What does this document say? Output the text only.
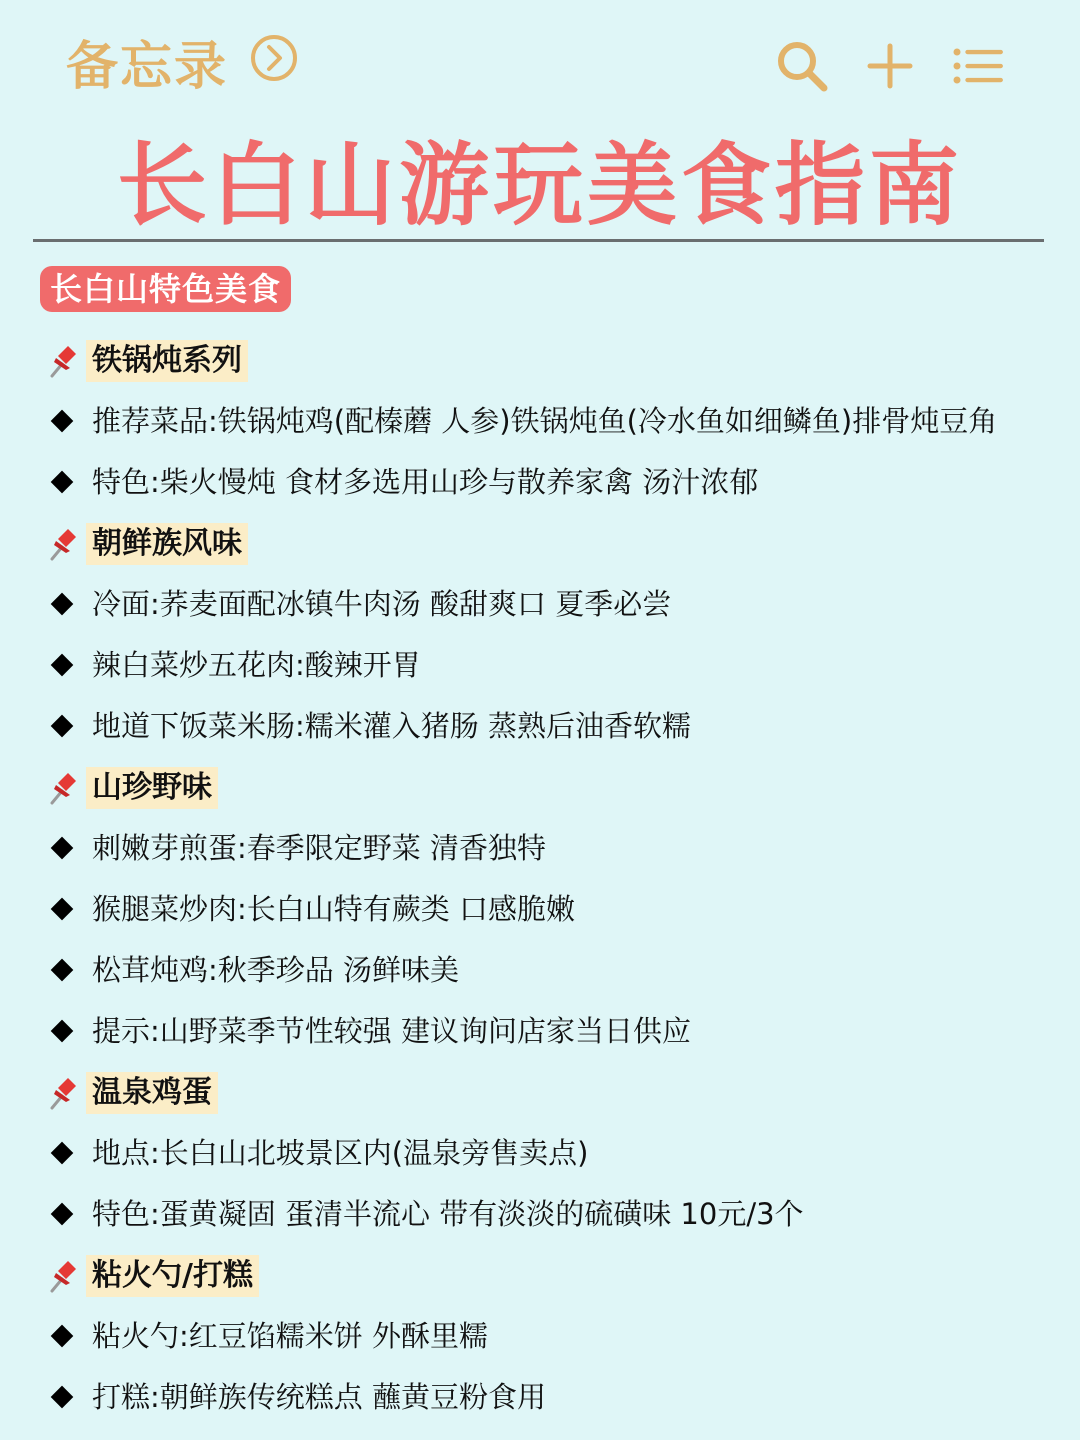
备忘录
长白山游玩美食指南
长白山特色美食
铁锅炖系列
推荐菜品:铁锅炖鸡(配榛蘑 人参)铁锅炖鱼(冷水鱼如细鳞鱼)排骨炖豆角
特色:柴火慢炖 食材多选用山珍与散养家禽 汤汁浓郁
朝鲜族风味
冷面:荞麦面配冰镇牛肉汤 酸甜爽口 夏季必尝
辣白菜炒五花肉:酸辣开胃
地道下饭菜米肠:糯米灌入猪肠 蒸熟后油香软糯
山珍野味
刺嫩芽煎蛋:春季限定野菜 清香独特
猴腿菜炒肉:长白山特有蕨类 口感脆嫩
松茸炖鸡:秋季珍品 汤鲜味美
提示:山野菜季节性较强 建议询问店家当日供应
温泉鸡蛋
地点:长白山北坡景区内(温泉旁售卖点)
特色:蛋黄凝固 蛋清半流心 带有淡淡的硫磺味 10元/3个
粘火勺/打糕
粘火勺:红豆馅糯米饼 外酥里糯
打糕:朝鲜族传统糕点 蘸黄豆粉食用
